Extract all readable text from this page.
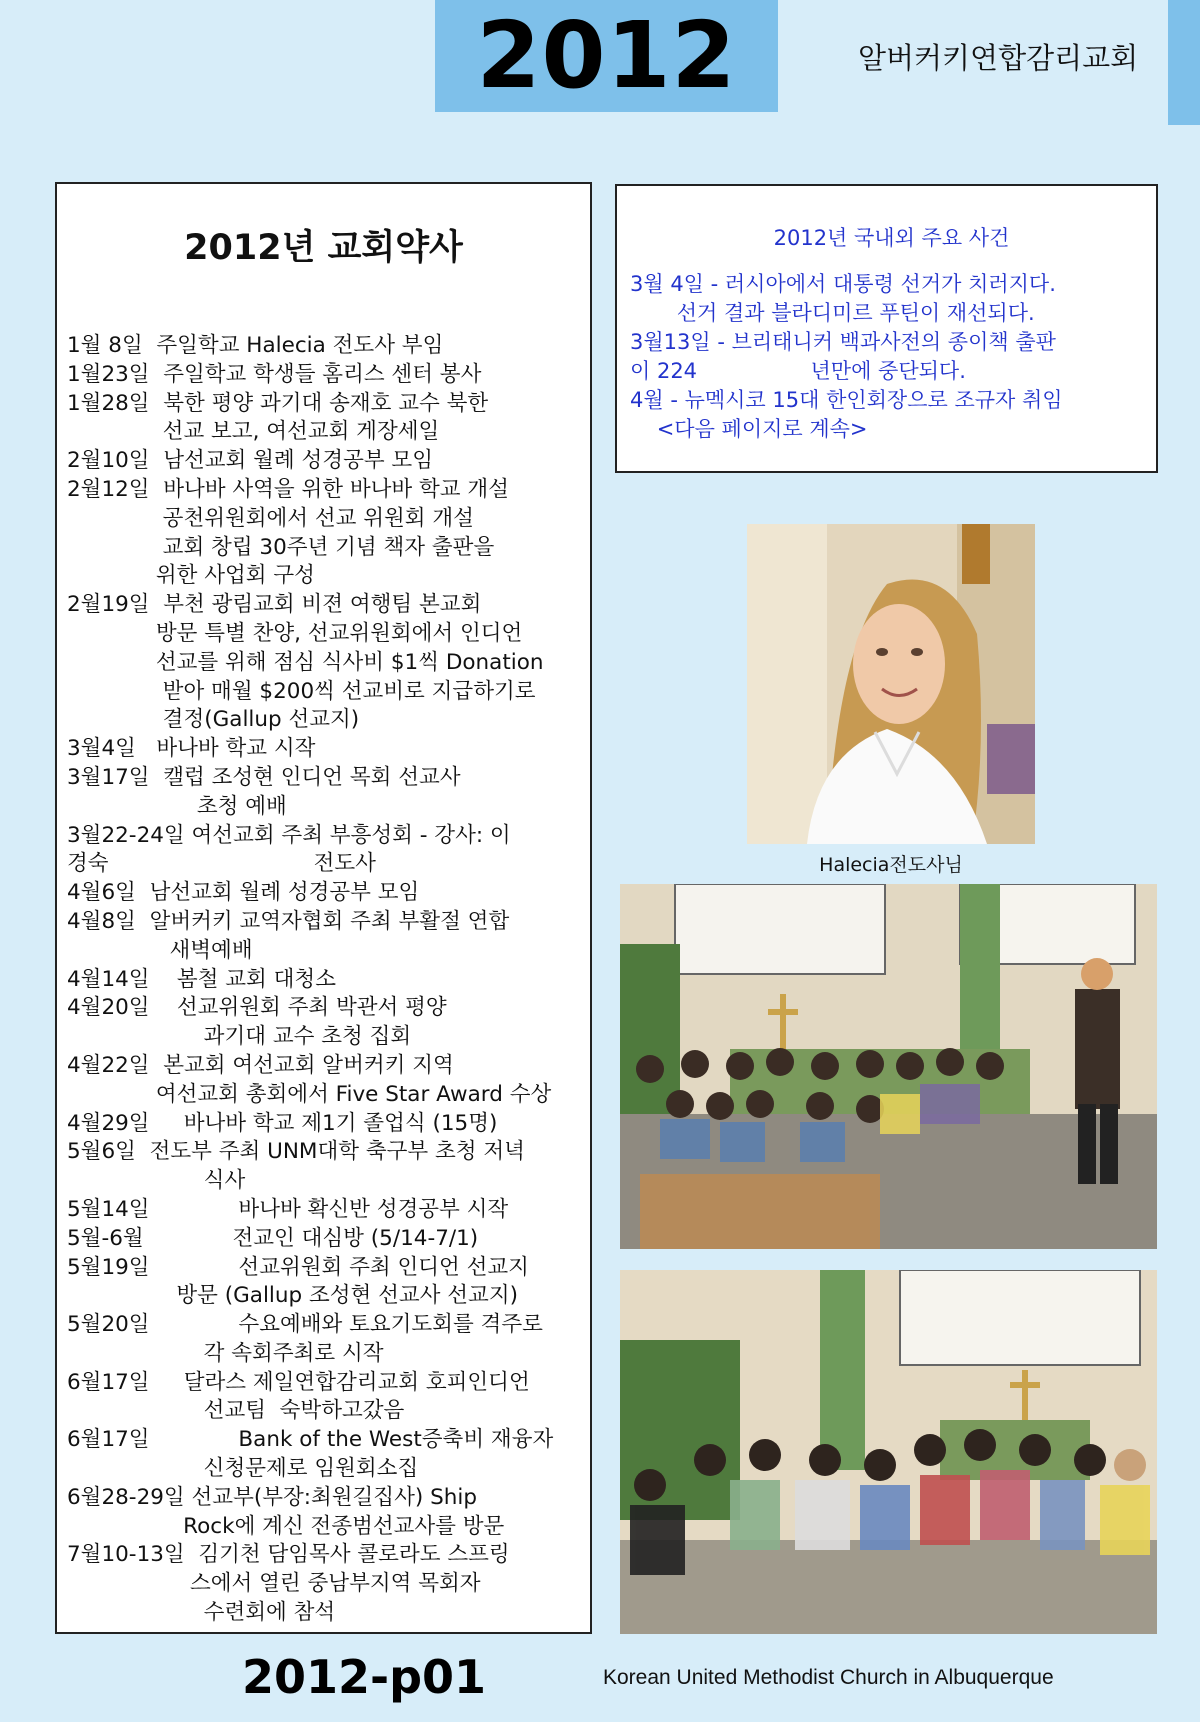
2012	알버커키연합감리교회
2012년 교회약사
1월 8일  주일학교 Halecia 전도사 부임
1월23일  주일학교 학생들 홈리스 센터 봉사
1월28일  북한 평양 과기대 송재호 교수 북한
선교 보고, 여선교회 게장세일
2월10일  남선교회 월례 성경공부 모임
2월12일  바나바 사역을 위한 바나바 학교 개설
공천위원회에서 선교 위원회 개설
교회 창립 30주년 기념 책자 출판을
위한 사업회 구성
2월19일  부천 광림교회 비젼 여행팀 본교회
방문 특별 찬양, 선교위원회에서 인디언
선교를 위해 점심 식사비 $1씩 Donation
받아 매월 $200씩 선교비로 지급하기로
결정(Gallup 선교지)
3월4일   바나바 학교 시작
3월17일  캘럽 조성현 인디언 목회 선교사
초청 예배
3월22-24일 여선교회 주최 부흥성회 - 강사: 이
경숙                              전도사
4월6일  남선교회 월례 성경공부 모임
4월8일  알버커키 교역자협회 주최 부활절 연합
새벽예배
4월14일    봄철 교회 대청소
4월20일    선교위원회 주최 박관서 평양
과기대 교수 초청 집회
4월22일  본교회 여선교회 알버커키 지역
여선교회 총회에서 Five Star Award 수상
4월29일     바나바 학교 제1기 졸업식 (15명)
5월6일  전도부 주최 UNM대학 축구부 초청 저녁
식사
5월14일             바나바 확신반 성경공부 시작
5월-6월             전교인 대심방 (5/14-7/1)
5월19일             선교위원회 주최 인디언 선교지
방문 (Gallup 조성현 선교사 선교지)
5월20일             수요예배와 토요기도회를 격주로
각 속회주최로 시작
6월17일     달라스 제일연합감리교회 호피인디언
선교팀  숙박하고갔음
6월17일             Bank of the West증축비 재융자
신청문제로 임원회소집
6월28-29일 선교부(부장:최원길집사) Ship
Rock에 계신 전종범선교사를 방문
7월10-13일  김기천 담임목사 콜로라도 스프링
스에서 열린 중남부지역 목회자
수련회에 참석
2012년 국내외 주요 사건
3월 4일 - 러시아에서 대통령 선거가 치러지다.
선거 결과 블라디미르 푸틴이 재선되다.
3월13일 - 브리태니커 백과사전의 종이책 출판
이 224                 년만에 중단되다.
4월 - 뉴멕시코 15대 한인회장으로 조규자 취임
<다음 페이지로 계속>
Halecia전도사님
2012-p01	Korean United Methodist Church in Albuquerque
